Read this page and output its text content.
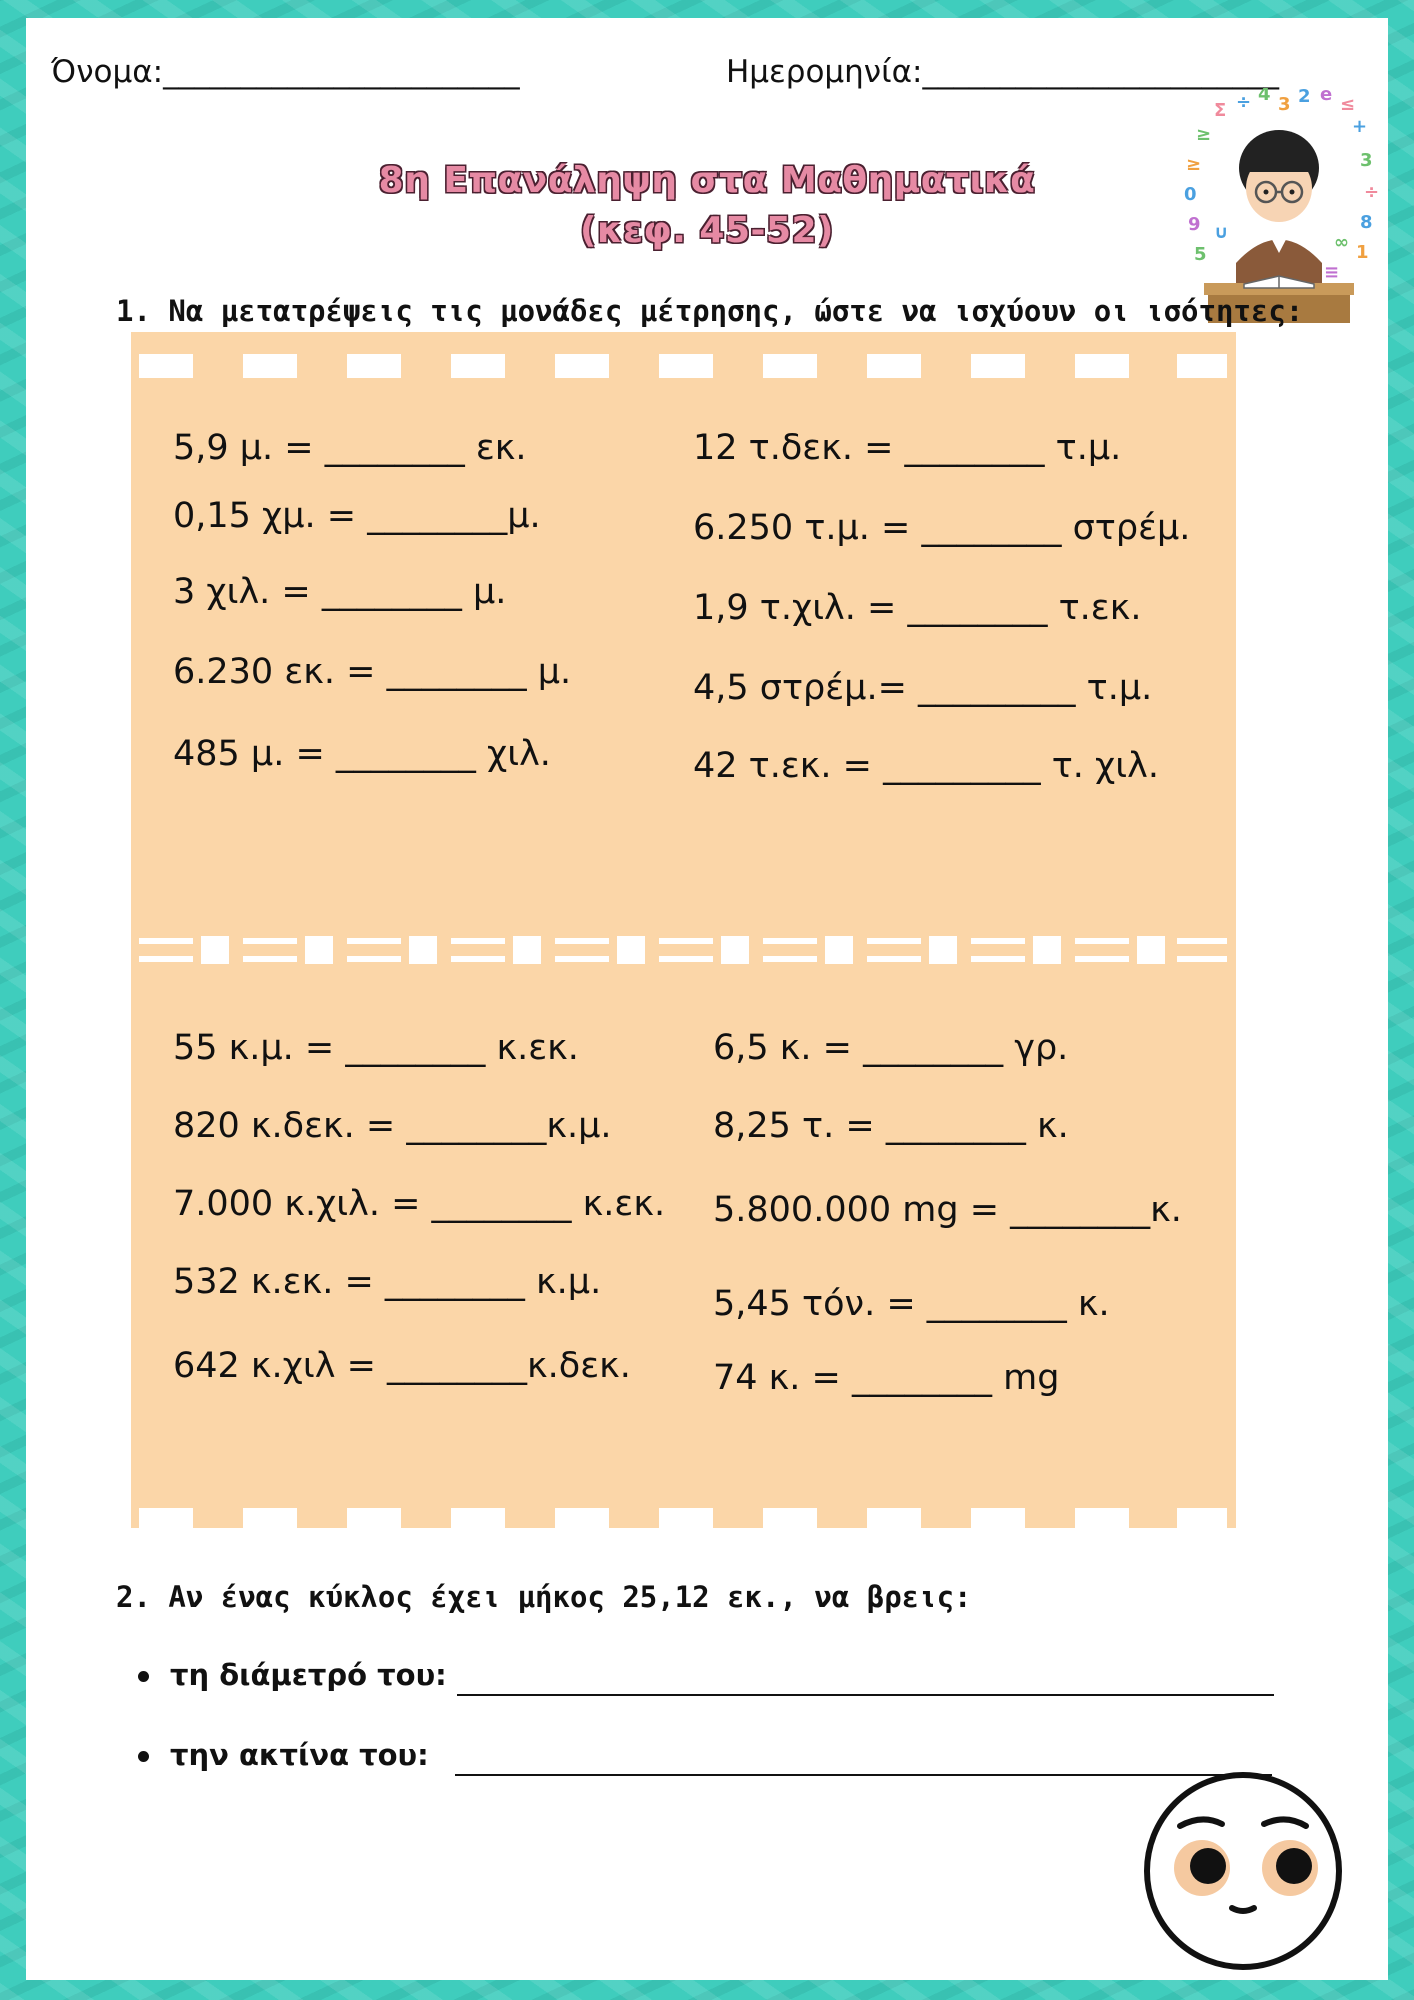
Όνομα:_______________________	Ημερομηνία:_______________________
8η Επανάληψη στα Μαθηματικά
(κεφ. 45-52)
Σ ÷ 4 3 2 e ≤
≥	+
≥	3
0	÷
9	8
5	1
∪	∞
≡
1. Να μετατρέψεις τις μονάδες μέτρησης, ώστε να ισχύουν οι ισότητες:
5,9 μ. = ________ εκ.
0,15 χμ. = ________μ.
3 χιλ. = ________ μ.
6.230 εκ. = ________ μ.
485 μ. = ________ χιλ.
12 τ.δεκ. = ________ τ.μ.
6.250 τ.μ. = ________ στρέμ.
1,9 τ.χιλ. = ________ τ.εκ.
4,5 στρέμ.= _________ τ.μ.
42 τ.εκ. = _________ τ. χιλ.
55 κ.μ. = ________ κ.εκ.
820 κ.δεκ. = ________κ.μ.
7.000 κ.χιλ. = ________ κ.εκ.
532 κ.εκ. = ________ κ.μ.
642 κ.χιλ = ________κ.δεκ.
6,5 κ. = ________ γρ.
8,25 τ. = ________ κ.
5.800.000 mg = ________κ.
5,45 τόν. = ________ κ.
74 κ. = ________ mg
2. Αν ένας κύκλος έχει μήκος 25,12 εκ., να βρεις:
τη διάμετρό του:
την ακτίνα του:
